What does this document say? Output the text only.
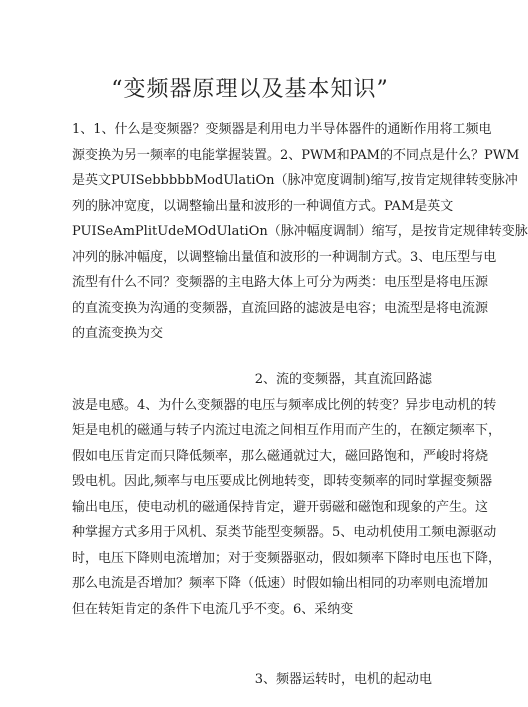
“变频器原理以及基本知识”
1、1、什么是变频器？变频器是利用电力半导体器件的通断作用将工频电
源变换为另一频率的电能掌握装置。2、PWM和PAM的不同点是什么？PWM
是英文PUISebbbbbModUlatiOn（脉冲宽度调制)缩写,按肯定规律转变脉冲
列的脉冲宽度，以调整输出量和波形的一种调值方式。PAM是英文
PUISeAmPlitUdeMOdUlatiOn（脉冲幅度调制）缩写，是按肯定规律转变脉
冲列的脉冲幅度，以调整输出量值和波形的一种调制方式。3、电压型与电
流型有什么不同？变频器的主电路大体上可分为两类：电压型是将电压源
的直流变换为沟通的变频器，直流回路的滤波是电容；电流型是将电流源
的直流变换为交
2、流的变频器，其直流回路滤
波是电感。4、为什么变频器的电压与频率成比例的转变？异步电动机的转
矩是电机的磁通与转子内流过电流之间相互作用而产生的，在额定频率下，
假如电压肯定而只降低频率，那么磁通就过大，磁回路饱和，严峻时将烧
毁电机。因此,频率与电压要成比例地转变，即转变频率的同时掌握变频器
输出电压，使电动机的磁通保持肯定，避开弱磁和磁饱和现象的产生。这
种掌握方式多用于风机、泵类节能型变频器。5、电动机使用工频电源驱动
时，电压下降则电流增加；对于变频器驱动，假如频率下降时电压也下降，
那么电流是否增加？频率下降（低速）时假如输出相同的功率则电流增加
但在转矩肯定的条件下电流几乎不变。6、采纳变
3、频器运转时，电机的起动电
